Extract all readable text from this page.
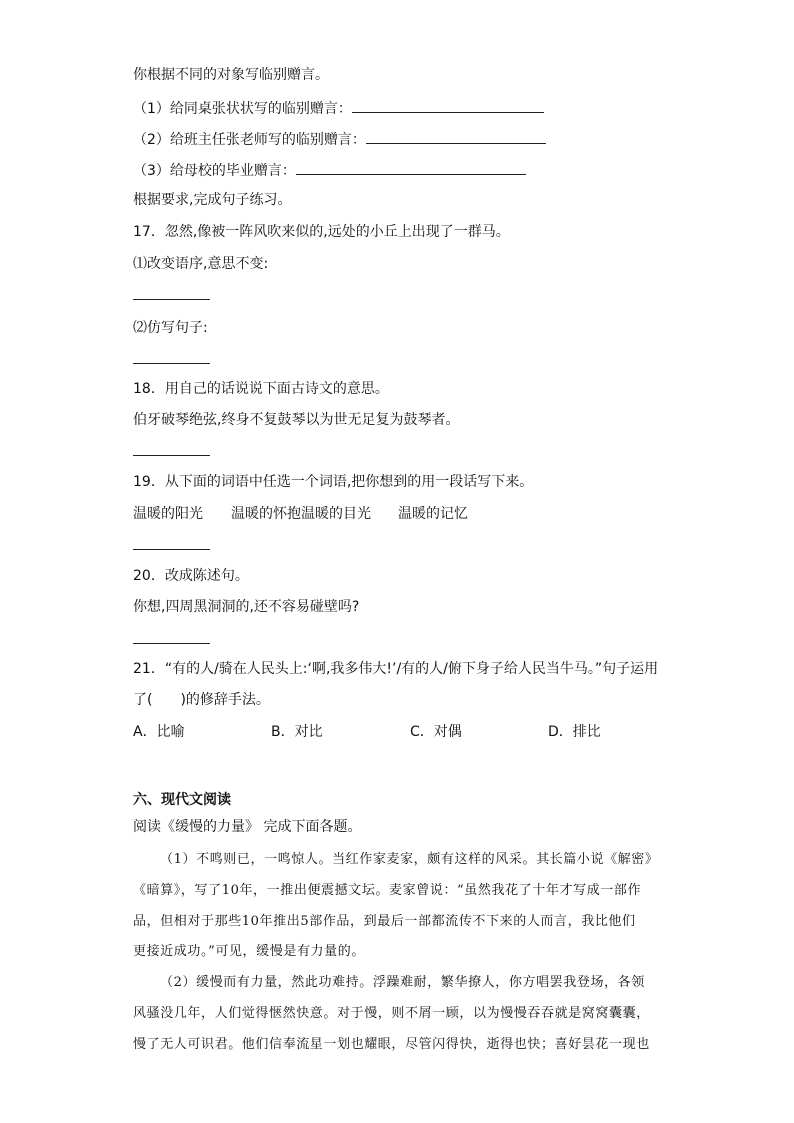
你根据不同的对象写临别赠言。
（1）给同桌张状状写的临别赠言：
（2）给班主任张老师写的临别赠言：
（3）给母校的毕业赠言：
根据要求,完成句子练习。
17．忽然,像被一阵风吹来似的,远处的小丘上出现了一群马。
⑴改变语序,意思不变:
⑵仿写句子:
18．用自己的话说说下面古诗文的意思。
伯牙破琴绝弦,终身不复鼓琴以为世无足复为鼓琴者。
19．从下面的词语中任选一个词语,把你想到的用一段话写下来。
温暖的阳光 温暖的怀抱温暖的目光 温暖的记忆
20．改成陈述句。
你想,四周黑洞洞的,还不容易碰壁吗?
21．“有的人/骑在人民头上:‘啊,我多伟大!’/有的人/俯下身子给人民当牛马。”句子运用
了(　　)的修辞手法。
A．比喻	B．对比	C．对偶	D．排比
六、现代文阅读
阅读《缓慢的力量》 完成下面各题。
（1）不鸣则已，一鸣惊人。当红作家麦家，颇有这样的风采。其长篇小说《解密》
《暗算》，写了10年，一推出便震撼文坛。麦家曾说：“虽然我花了十年才写成一部作
品，但相对于那些10年推出5部作品，到最后一部都流传不下来的人而言，我比他们
更接近成功。”可见，缓慢是有力量的。
（2）缓慢而有力量，然此功难持。浮躁难耐，繁华撩人，你方唱罢我登场，各领
风骚没几年，人们觉得惬然快意。对于慢，则不屑一顾，以为慢慢吞吞就是窝窝囊囊，
慢了无人可识君。他们信奉流星一划也耀眼，尽管闪得快，逝得也快；喜好昙花一现也
